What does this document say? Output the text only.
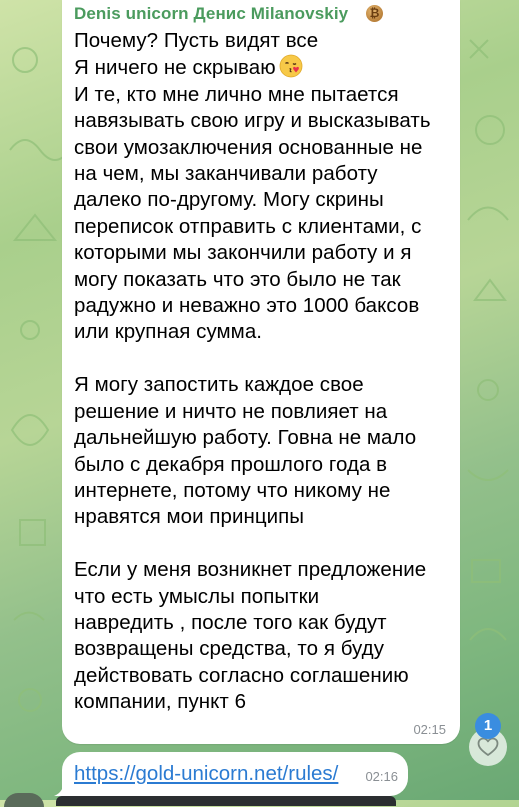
Denis unicorn Денис Milanovskiy	₿
Почему? Пусть видят все
Я ничего не скрываю
И те, кто мне лично мне пытается
навязывать свою игру и высказывать
свои умозаключения основанные не
на чем, мы заканчивали работу
далеко по-другому. Могу скрины
переписок отправить с клиентами, с
которыми мы закончили работу и я
могу показать что это было не так
радужно и неважно это 1000 баксов
или крупная сумма.

Я могу запостить каждое свое
решение и ничто не повлияет на
дальнейшую работу. Говна не мало
было с декабря прошлого года в
интернете, потому что никому не
нравятся мои принципы

Если у меня возникнет предложение
что есть умыслы попытки
навредить , после того как будут
возвращены средства, то я буду
действовать согласно соглашению
компании, пункт 6
02:15
https://gold-unicorn.net/rules/ 02:16
1
